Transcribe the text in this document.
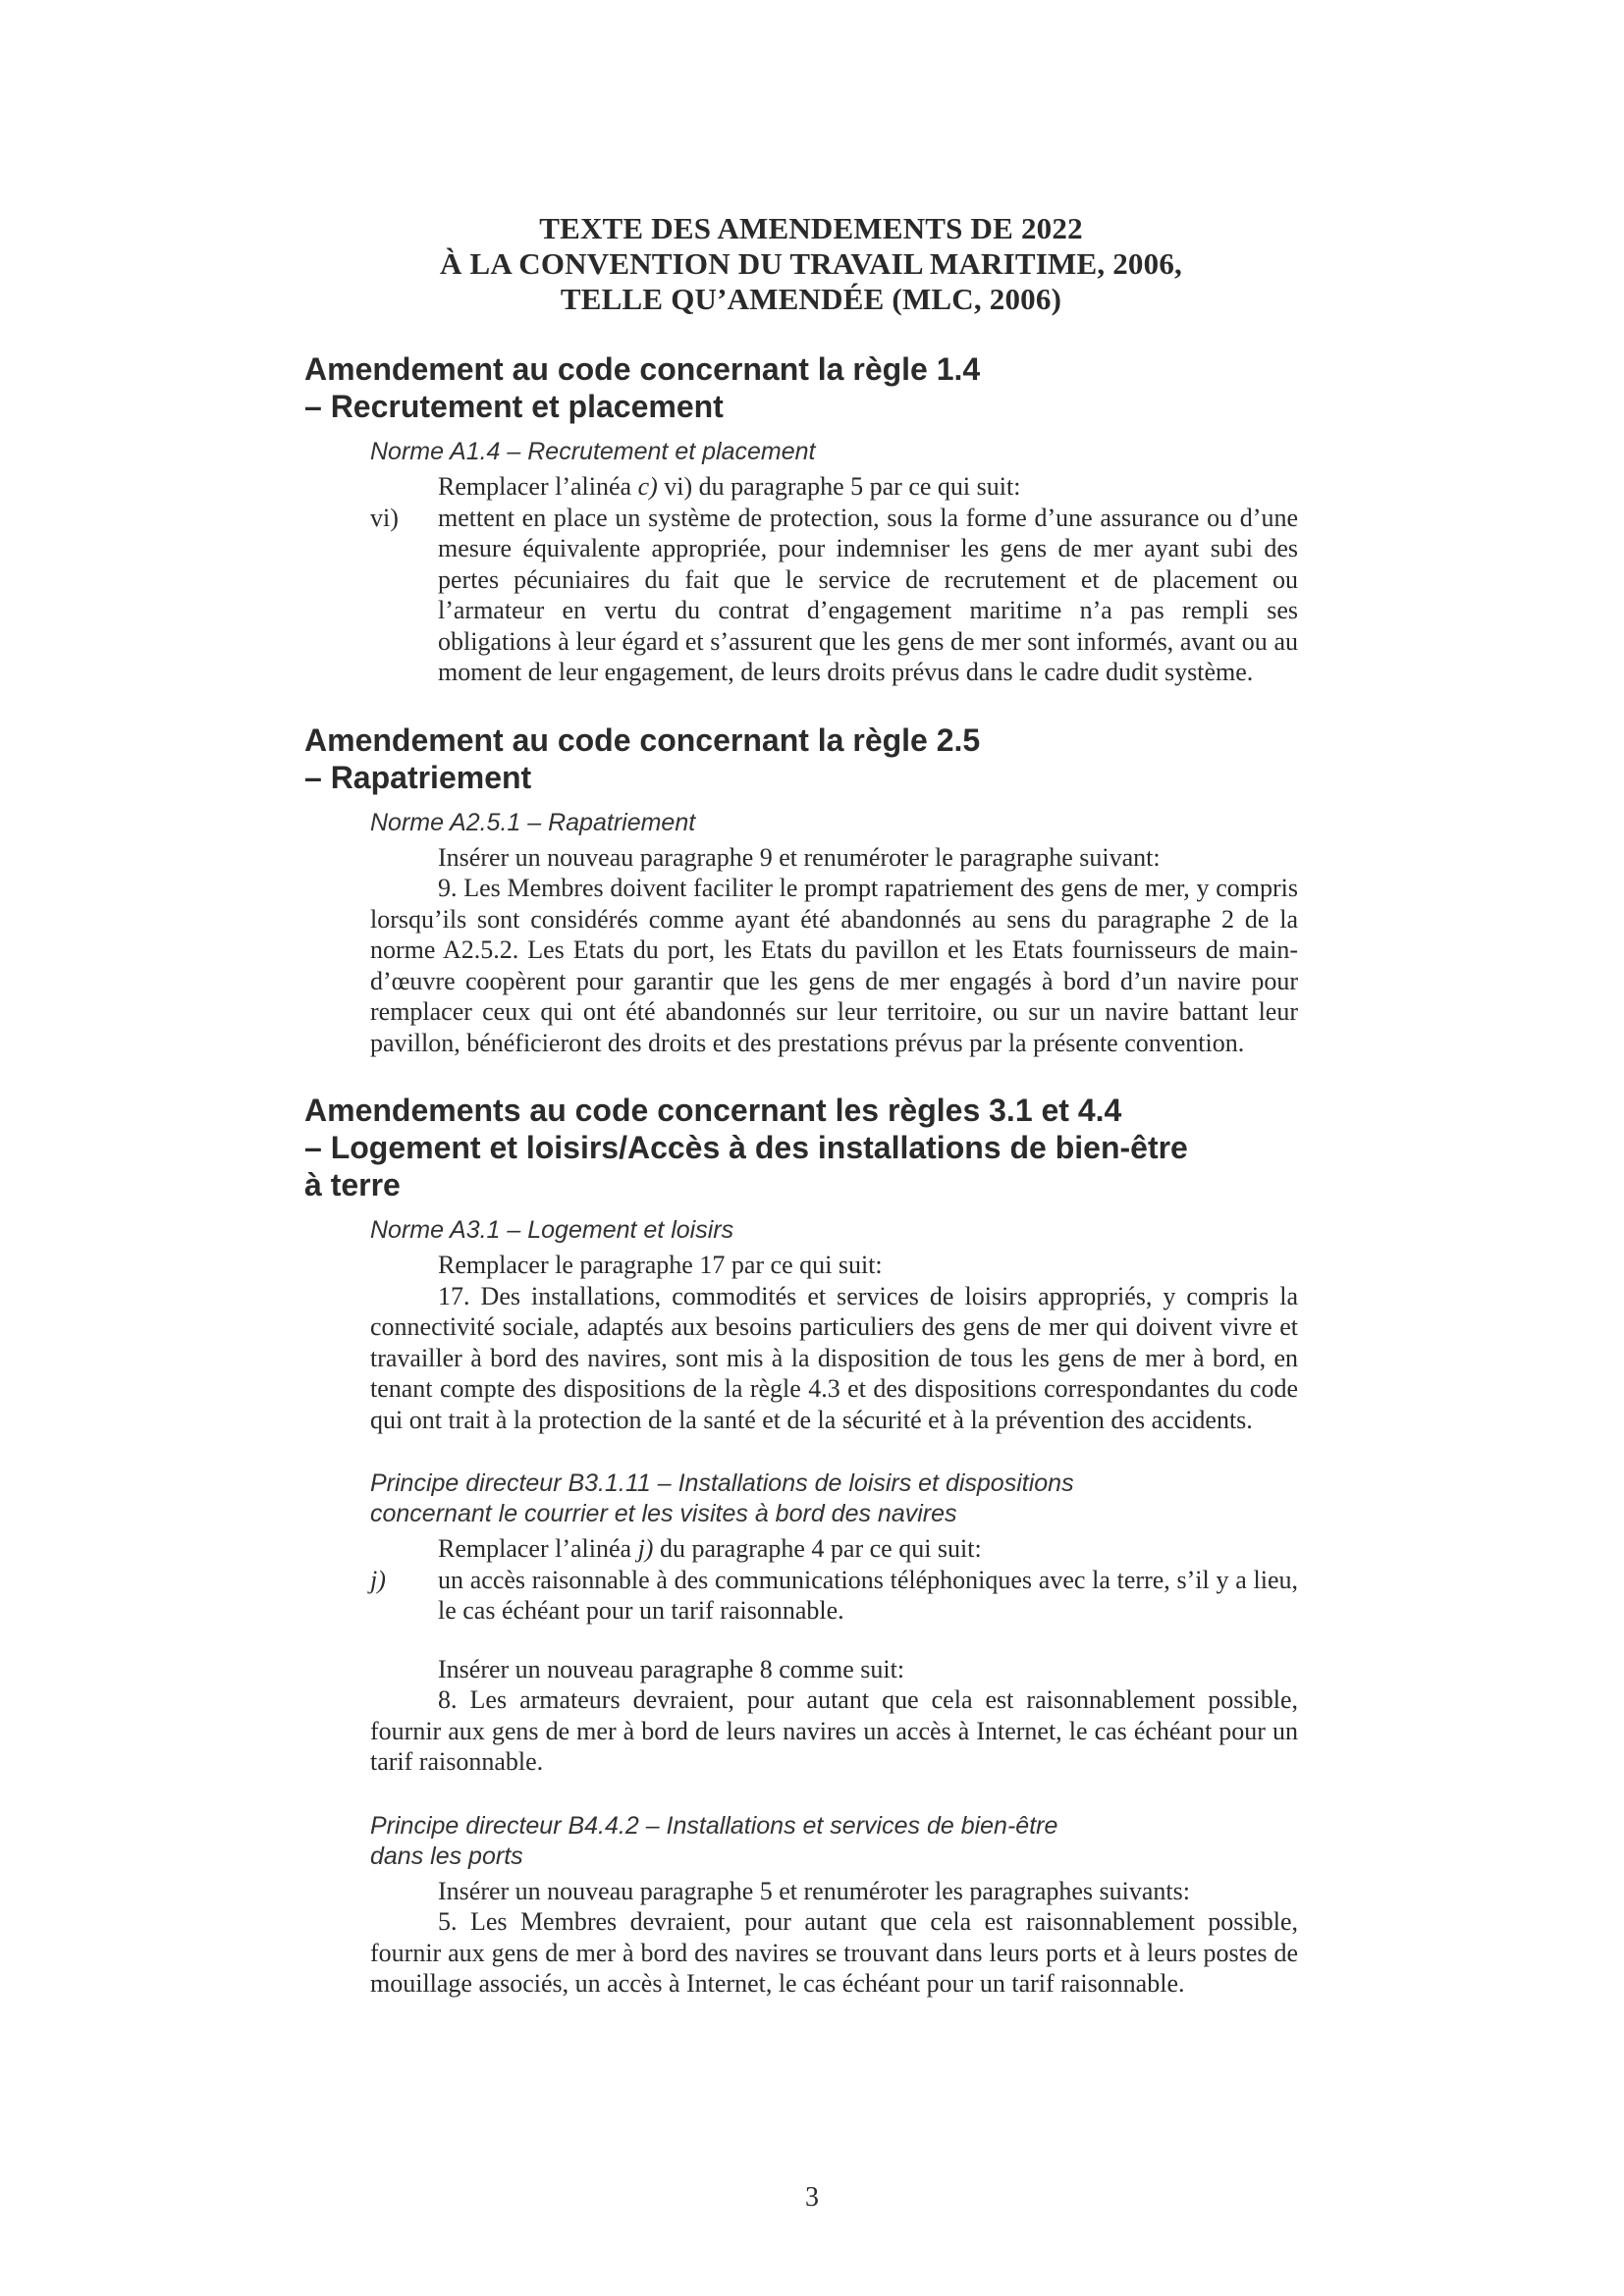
TEXTE DES AMENDEMENTS DE 2022
À LA CONVENTION DU TRAVAIL MARITIME, 2006,
TELLE QU’AMENDÉE (MLC, 2006)
Amendement au code concernant la règle 1.4
– Recrutement et placement
Norme A1.4 – Recrutement et placement
Remplacer l’alinéa c) vi) du paragraphe 5 par ce qui suit:
vi)	mettent en place un système de protection, sous la forme d’une assurance ou d’une mesure équivalente appropriée, pour indemniser les gens de mer ayant subi des pertes pécuniaires du fait que le service de recrutement et de placement ou l’armateur en vertu du contrat d’engagement maritime n’a pas rempli ses obligations à leur égard et s’assurent que les gens de mer sont informés, avant ou au moment de leur engagement, de leurs droits prévus dans le cadre dudit système.
Amendement au code concernant la règle 2.5
– Rapatriement
Norme A2.5.1 – Rapatriement
Insérer un nouveau paragraphe 9 et renuméroter le paragraphe suivant:
9. Les Membres doivent faciliter le prompt rapatriement des gens de mer, y compris lorsqu’ils sont considérés comme ayant été abandonnés au sens du paragraphe 2 de la norme A2.5.2. Les Etats du port, les Etats du pavillon et les Etats fournisseurs de main-d’œuvre coopèrent pour garantir que les gens de mer engagés à bord d’un navire pour remplacer ceux qui ont été abandonnés sur leur territoire, ou sur un navire battant leur pavillon, bénéficieront des droits et des prestations prévus par la présente convention.
Amendements au code concernant les règles 3.1 et 4.4
– Logement et loisirs/Accès à des installations de bien-être
à terre
Norme A3.1 – Logement et loisirs
Remplacer le paragraphe 17 par ce qui suit:
17. Des installations, commodités et services de loisirs appropriés, y compris la connectivité sociale, adaptés aux besoins particuliers des gens de mer qui doivent vivre et travailler à bord des navires, sont mis à la disposition de tous les gens de mer à bord, en tenant compte des dispositions de la règle 4.3 et des dispositions correspondantes du code qui ont trait à la protection de la santé et de la sécurité et à la prévention des accidents.
Principe directeur B3.1.11 – Installations de loisirs et dispositions
concernant le courrier et les visites à bord des navires
Remplacer l’alinéa j) du paragraphe 4 par ce qui suit:
j)	un accès raisonnable à des communications téléphoniques avec la terre, s’il y a lieu, le cas échéant pour un tarif raisonnable.
Insérer un nouveau paragraphe 8 comme suit:
8. Les armateurs devraient, pour autant que cela est raisonnablement possible, fournir aux gens de mer à bord de leurs navires un accès à Internet, le cas échéant pour un tarif raisonnable.
Principe directeur B4.4.2 – Installations et services de bien-être
dans les ports
Insérer un nouveau paragraphe 5 et renuméroter les paragraphes suivants:
5. Les Membres devraient, pour autant que cela est raisonnablement possible, fournir aux gens de mer à bord des navires se trouvant dans leurs ports et à leurs postes de mouillage associés, un accès à Internet, le cas échéant pour un tarif raisonnable.
3
